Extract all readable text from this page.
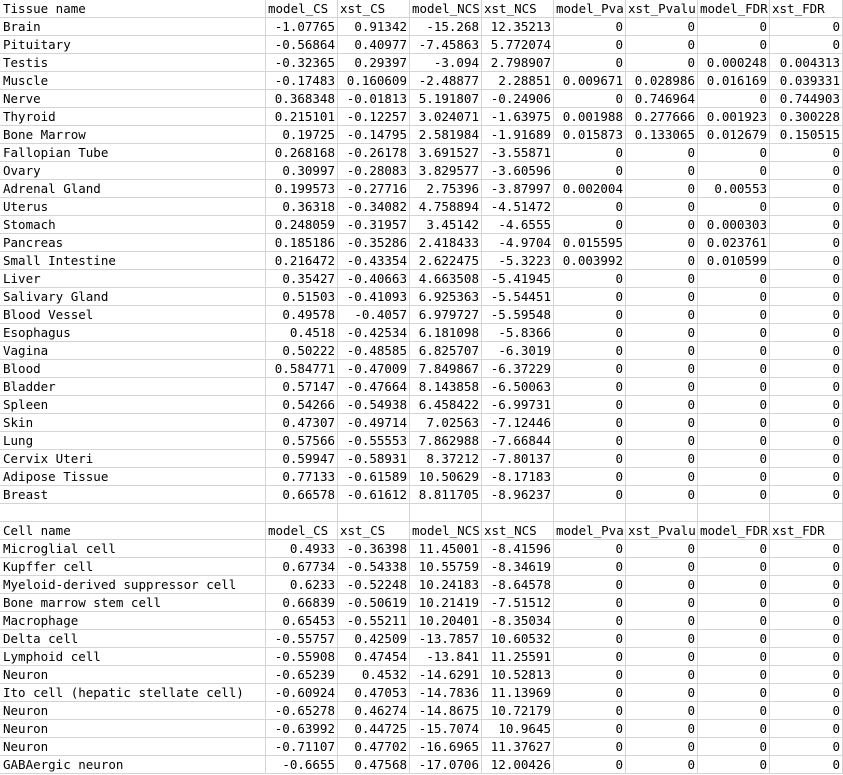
Tissue name	model_CS xst_CS	model_NCS xst_NCS	model_Pva xst_Pvalu model_FDR xst_FDR
Brain	-1.07765	0.91342	-15.268 12.35213	0	0	0	0
Pituitary	-0.56864	0.40977 -7.45863 5.772074	0	0	0	0
Testis	-0.32365	0.29397	-3.094 2.798907	0	0 0.000248	0.004313
Muscle	-0.17483 0.160609 -2.48877	2.28851 0.009671 0.028986 0.016169	0.039331
Nerve	0.368348 -0.01813 5.191807 -0.24906	0 0.746964	0	0.744903
Thyroid	0.215101 -0.12257 3.024071 -1.63975 0.001988 0.277666 0.001923	0.300228
Bone Marrow	0.19725 -0.14795 2.581984 -1.91689 0.015873 0.133065 0.012679	0.150515
Fallopian Tube	0.268168 -0.26178 3.691527 -3.55871	0	0	0	0
Ovary	0.30997 -0.28083 3.829577 -3.60596	0	0	0	0
Adrenal Gland	0.199573 -0.27716	2.75396 -3.87997 0.002004	0	0.00553	0
Uterus	0.36318 -0.34082 4.758894 -4.51472	0	0	0	0
Stomach	0.248059 -0.31957	3.45142	-4.6555	0	0 0.000303	0
Pancreas	0.185186 -0.35286 2.418433	-4.9704 0.015595	0 0.023761	0
Small Intestine	0.216472 -0.43354 2.622475	-5.3223 0.003992	0 0.010599	0
Liver	0.35427 -0.40663 4.663508 -5.41945	0	0	0	0
Salivary Gland	0.51503 -0.41093 6.925363 -5.54451	0	0	0	0
Blood Vessel	0.49578	-0.4057 6.979727 -5.59548	0	0	0	0
Esophagus	0.4518 -0.42534 6.181098	-5.8366	0	0	0	0
Vagina	0.50222 -0.48585 6.825707	-6.3019	0	0	0	0
Blood	0.584771 -0.47009 7.849867 -6.37229	0	0	0	0
Bladder	0.57147 -0.47664 8.143858 -6.50063	0	0	0	0
Spleen	0.54266 -0.54938 6.458422 -6.99731	0	0	0	0
Skin	0.47307 -0.49714	7.02563 -7.12446	0	0	0	0
Lung	0.57566 -0.55553 7.862988 -7.66844	0	0	0	0
Cervix Uteri	0.59947 -0.58931	8.37212 -7.80137	0	0	0	0
Adipose Tissue	0.77133 -0.61589 10.50629 -8.17183	0	0	0	0
Breast	0.66578 -0.61612 8.811705 -8.96237	0	0	0	0
Cell name	model_CS xst_CS	model_NCS xst_NCS	model_Pva xst_Pvalu model_FDR xst_FDR
Microglial cell	0.4933 -0.36398 11.45001 -8.41596	0	0	0	0
Kupffer cell	0.67734 -0.54338 10.55759 -8.34619	0	0	0	0
Myeloid-derived suppressor cell	0.6233 -0.52248 10.24183 -8.64578	0	0	0	0
Bone marrow stem cell	0.66839 -0.50619 10.21419 -7.51512	0	0	0	0
Macrophage	0.65453 -0.55211 10.20401 -8.35034	0	0	0	0
Delta cell	-0.55757	0.42509 -13.7857 10.60532	0	0	0	0
Lymphoid cell	-0.55908	0.47454	-13.841 11.25591	0	0	0	0
Neuron	-0.65239	0.4532 -14.6291 10.52813	0	0	0	0
Ito cell (hepatic stellate cell)	-0.60924	0.47053 -14.7836 11.13969	0	0	0	0
Neuron	-0.65278	0.46274 -14.8675 10.72179	0	0	0	0
Neuron	-0.63992	0.44725 -15.7074	10.9645	0	0	0	0
Neuron	-0.71107	0.47702 -16.6965 11.37627	0	0	0	0
GABAergic neuron	-0.6655	0.47568 -17.0706 12.00426	0	0	0	0
